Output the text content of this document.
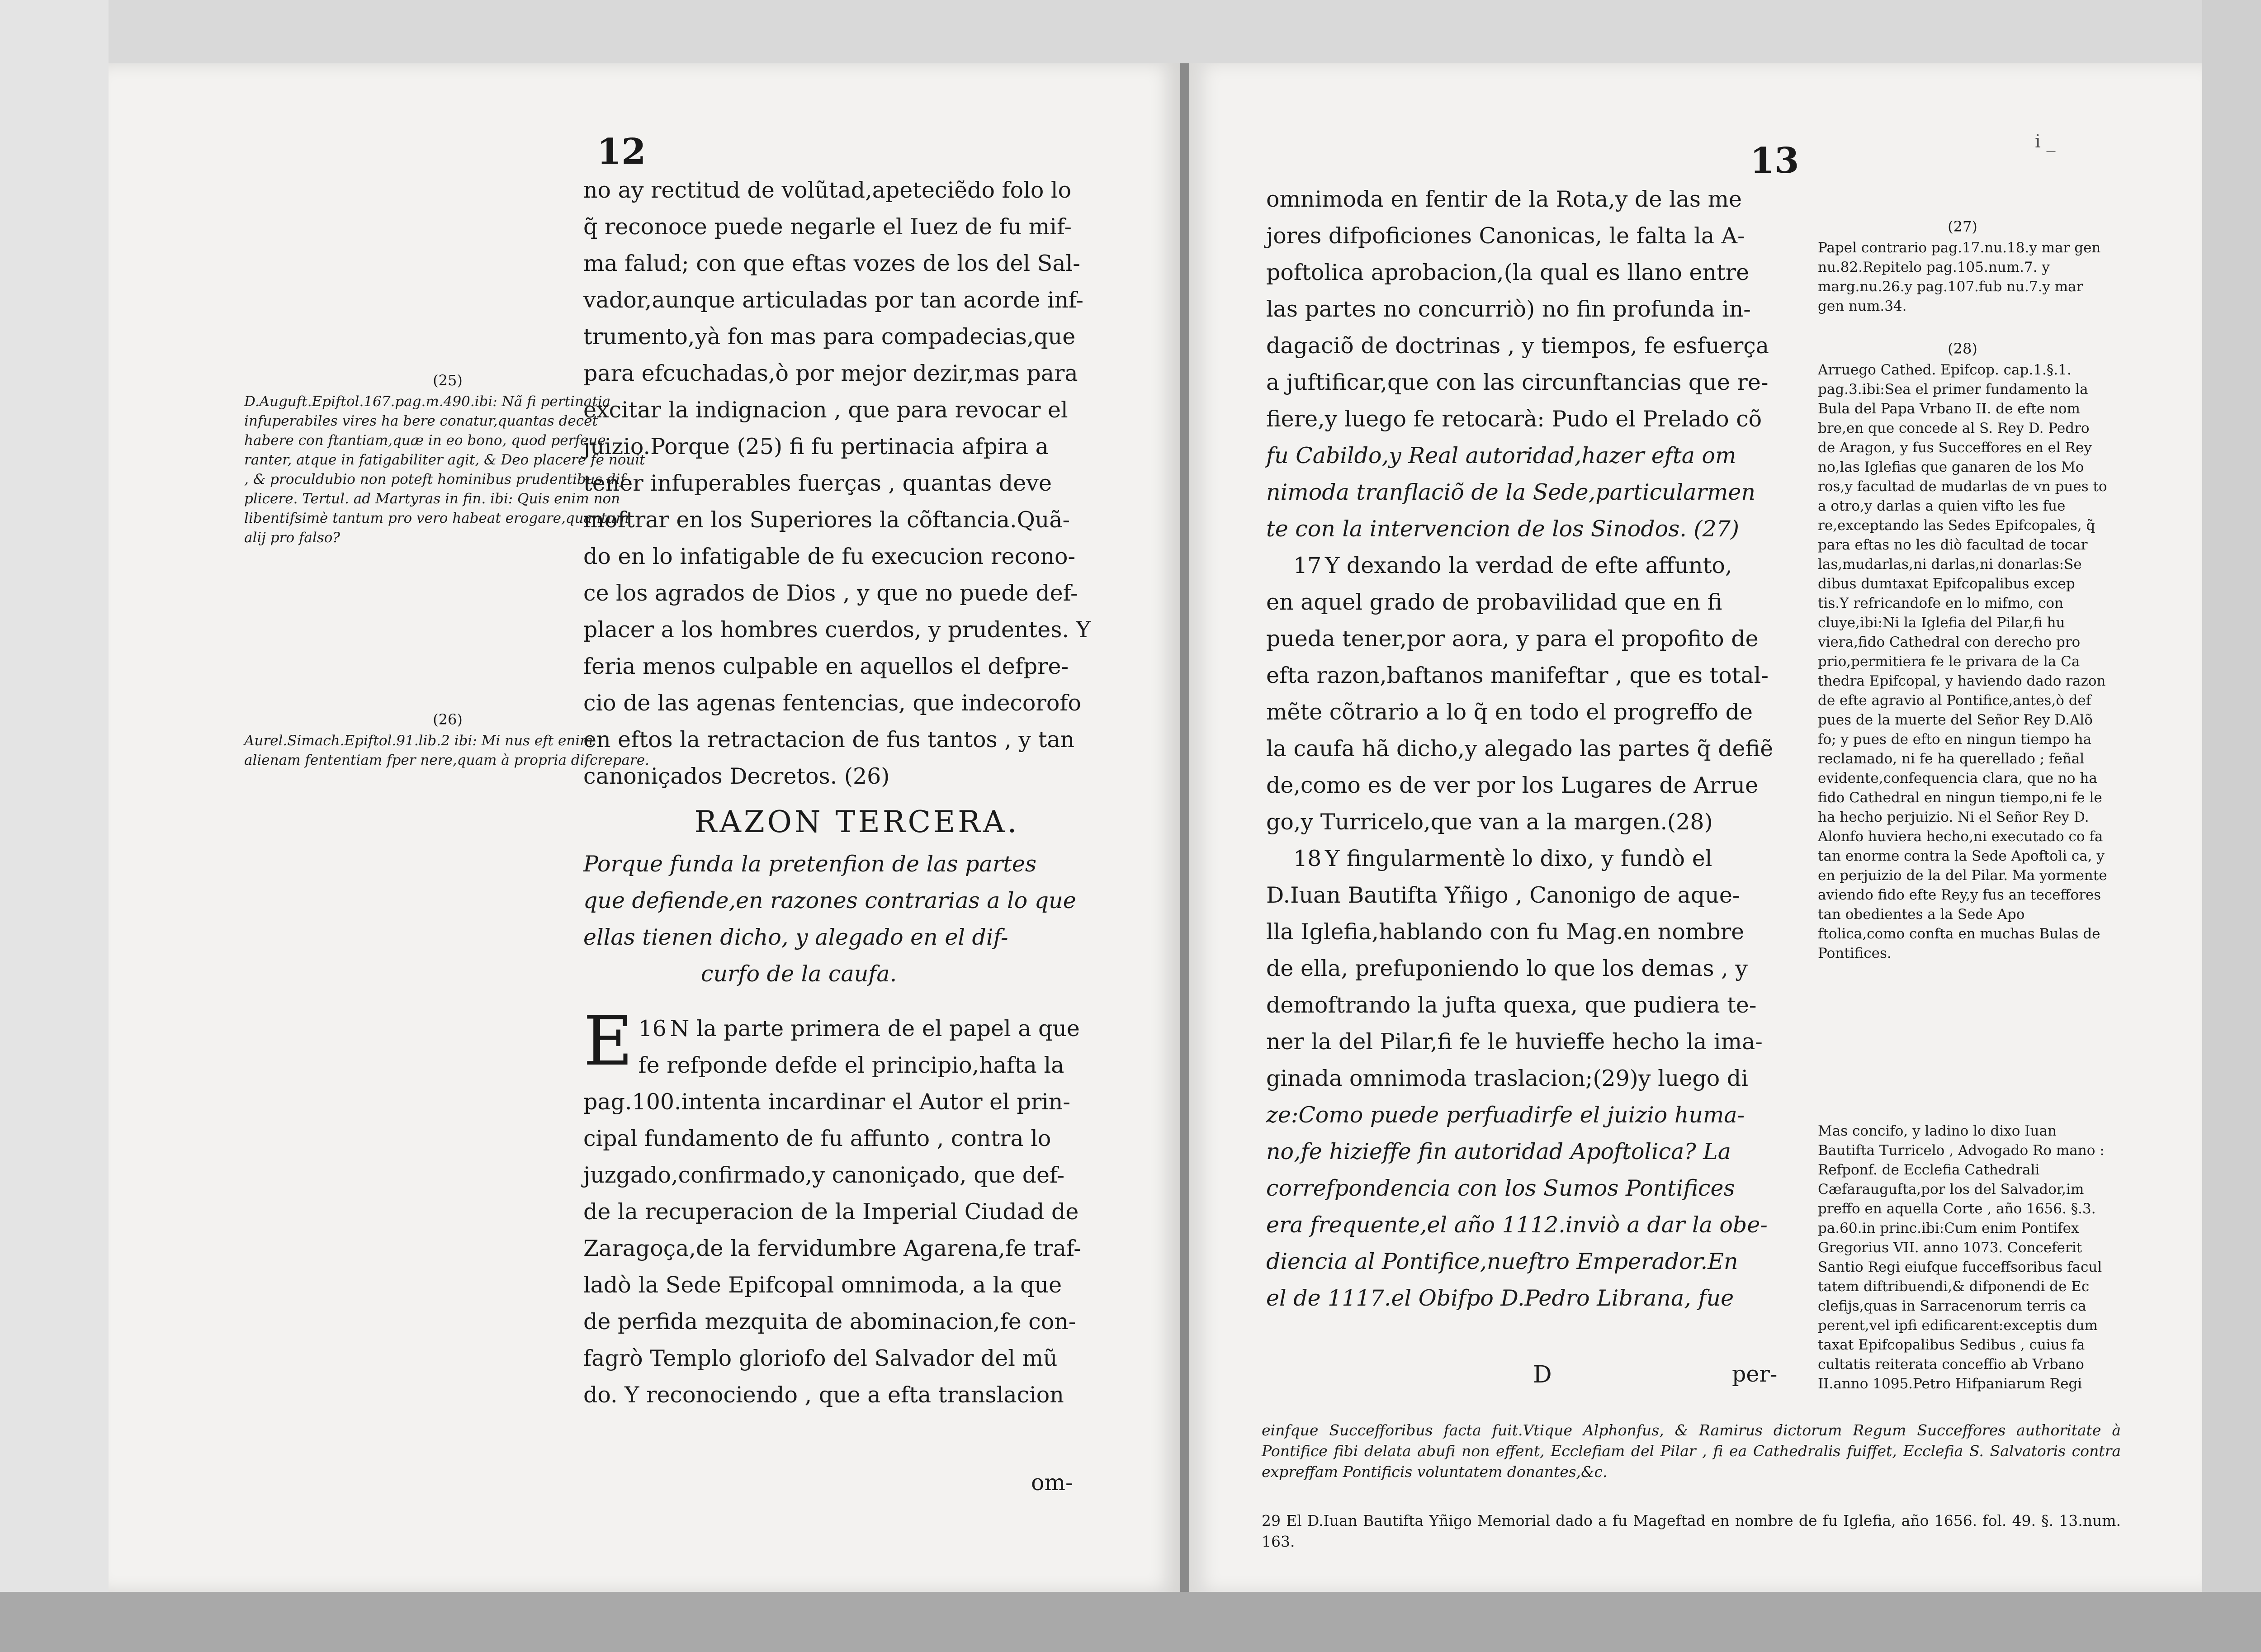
12
(25)
D.Auguft.Epiftol.167.pag.m.490.ibi: Nã fi pertinatia infuperabiles vires ha bere conatur,quantas decet habere con ftantiam,quæ in eo bono, quod perfeue ranter, atque in fatigabiliter agit, & Deo placere fe nouit , & proculdubio non poteft hominibus prudentibus dif plicere. Tertul. ad Martyras in fin. ibi: Quis enim non libentifsimè tantum pro vero habeat erogare,quantum alij pro falso?
(26)
Aurel.Simach.Epiftol.91.lib.2 ibi: Mi nus eft enim alienam fententiam fper nere,quam à propria difcrepare.
no ay rectitud de volũtad,apeteciẽdo folo lo
q̃ reconoce puede negarle el Iuez de fu mif-
ma falud; con que eftas vozes de los del Sal-
vador,aunque articuladas por tan acorde inf-
trumento,yà fon mas para compadecias,que
para efcuchadas,ò por mejor dezir,mas para
excitar la indignacion , que para revocar el
juizio.Porque (25) fi fu pertinacia afpira a
tener infuperables fuerças , quantas deve
moftrar en los Superiores la cõftancia.Quã-
do en lo infatigable de fu execucion recono-
ce los agrados de Dios , y que no puede def-
placer a los hombres cuerdos, y prudentes. Y
feria menos culpable en aquellos el defpre-
cio de las agenas fentencias, que indecorofo
en eftos la retractacion de fus tantos , y tan
canoniçados Decretos. (26)
RAZON TERCERA.
Porque funda la pretenfion de las partes
que defiende,en razones contrarias a lo que
ellas tienen dicho, y alegado en el dif-
curfo de la caufa.
16
E N la parte primera de el papel a que
fe refponde defde el principio,hafta la
pag.100.intenta incardinar el Autor el prin-
cipal fundamento de fu affunto , contra lo
juzgado,confirmado,y canoniçado, que def-
de la recuperacion de la Imperial Ciudad de
Zaragoça,de la fervidumbre Agarena,fe traf-
ladò la Sede Epifcopal omnimoda, a la que
de perfida mezquita de abominacion,fe con-
fagrò Templo gloriofo del Salvador del mũ
do. Y reconociendo , que a efta translacion
om-
13	i _
omnimoda en fentir de la Rota,y de las me
jores difpoficiones Canonicas, le falta la A-
poftolica aprobacion,(la qual es llano entre
las partes no concurriò) no fin profunda in-
dagaciõ de doctrinas , y tiempos, fe esfuerça
a juftificar,que con las circunftancias que re-
fiere,y luego fe retocarà: Pudo el Prelado cõ
fu Cabildo,y Real autoridad,hazer efta om
nimoda tranflaciõ de la Sede,particularmen
te con la intervencion de los Sinodos. (27)
17 Y dexando la verdad de efte affunto,
en aquel grado de probavilidad que en fi
pueda tener,por aora, y para el propofito de
efta razon,baftanos manifeftar , que es total-
mẽte cõtrario a lo q̃ en todo el progreffo de
la caufa hã dicho,y alegado las partes q̃ defiẽ
de,como es de ver por los Lugares de Arrue
go,y Turricelo,que van a la margen.(28)
18 Y fingularmentè lo dixo, y fundò el
D.Iuan Bautifta Yñigo , Canonigo de aque-
lla Iglefia,hablando con fu Mag.en nombre
de ella, prefuponiendo lo que los demas , y
demoftrando la jufta quexa, que pudiera te-
ner la del Pilar,fi fe le huvieffe hecho la ima-
ginada omnimoda traslacion;(29)y luego di
ze:Como puede perfuadirfe el juizio huma-
no,fe hizieffe fin autoridad Apoftolica? La
correfpondencia con los Sumos Pontifices
era frequente,el año 1112.inviò a dar la obe-
diencia al Pontifice,nueftro Emperador.En
el de 1117.el Obifpo D.Pedro Librana, fue
D	per-
(27)
Papel contrario pag.17.nu.18.y mar gen nu.82.Repitelo pag.105.num.7. y marg.nu.26.y pag.107.fub nu.7.y mar gen num.34.
(28)
Arruego Cathed. Epifcop. cap.1.§.1. pag.3.ibi:Sea el primer fundamento la Bula del Papa Vrbano II. de efte nom bre,en que concede al S. Rey D. Pedro de Aragon, y fus Succeffores en el Rey no,las Iglefias que ganaren de los Mo ros,y facultad de mudarlas de vn pues to a otro,y darlas a quien vifto les fue re,exceptando las Sedes Epifcopales, q̃ para eftas no les diò facultad de tocar las,mudarlas,ni darlas,ni donarlas:Se dibus dumtaxat Epifcopalibus excep tis.Y refricandofe en lo mifmo, con cluye,ibi:Ni la Iglefia del Pilar,fi hu viera,fido Cathedral con derecho pro prio,permitiera fe le privara de la Ca thedra Epifcopal, y haviendo dado razon de efte agravio al Pontifice,antes,ò def pues de la muerte del Señor Rey D.Alõ fo; y pues de efto en ningun tiempo ha reclamado, ni fe ha querellado ; feñal evidente,confequencia clara, que no ha fido Cathedral en ningun tiempo,ni fe le ha hecho perjuizio. Ni el Señor Rey D. Alonfo huviera hecho,ni executado co fa tan enorme contra la Sede Apoftoli ca, y en perjuizio de la del Pilar. Ma yormente aviendo fido efte Rey,y fus an teceffores tan obedientes a la Sede Apo ftolica,como confta en muchas Bulas de Pontifices.
Mas concifo, y ladino lo dixo Iuan Bautifta Turricelo , Advogado Ro mano : Refponf. de Ecclefia Cathedrali Cæfaraugufta,por los del Salvador,im preffo en aquella Corte , año 1656. §.3. pa.60.in princ.ibi:Cum enim Pontifex Gregorius VII. anno 1073. Conceferit Santio Regi eiufque fucceffsoribus facul tatem diftribuendi,& difponendi de Ec clefijs,quas in Sarracenorum terris ca perent,vel ipfi edificarent:exceptis dum taxat Epifcopalibus Sedibus , cuius fa cultatis reiterata conceffio ab Vrbano II.anno 1095.Petro Hifpaniarum Regi
einfque Succefforibus facta fuit.Vtique Alphonfus, & Ramirus dictorum Regum Succeffores authoritate à Pontifice fibi delata abufi non effent, Ecclefiam del Pilar , fi ea Cathedralis fuiffet, Ecclefia S. Salvatoris contra expreffam Pontificis voluntatem donantes,&c.
29 El D.Iuan Bautifta Yñigo Memorial dado a fu Mageftad en nombre de fu Iglefia, año 1656. fol. 49. §. 13.num. 163.
